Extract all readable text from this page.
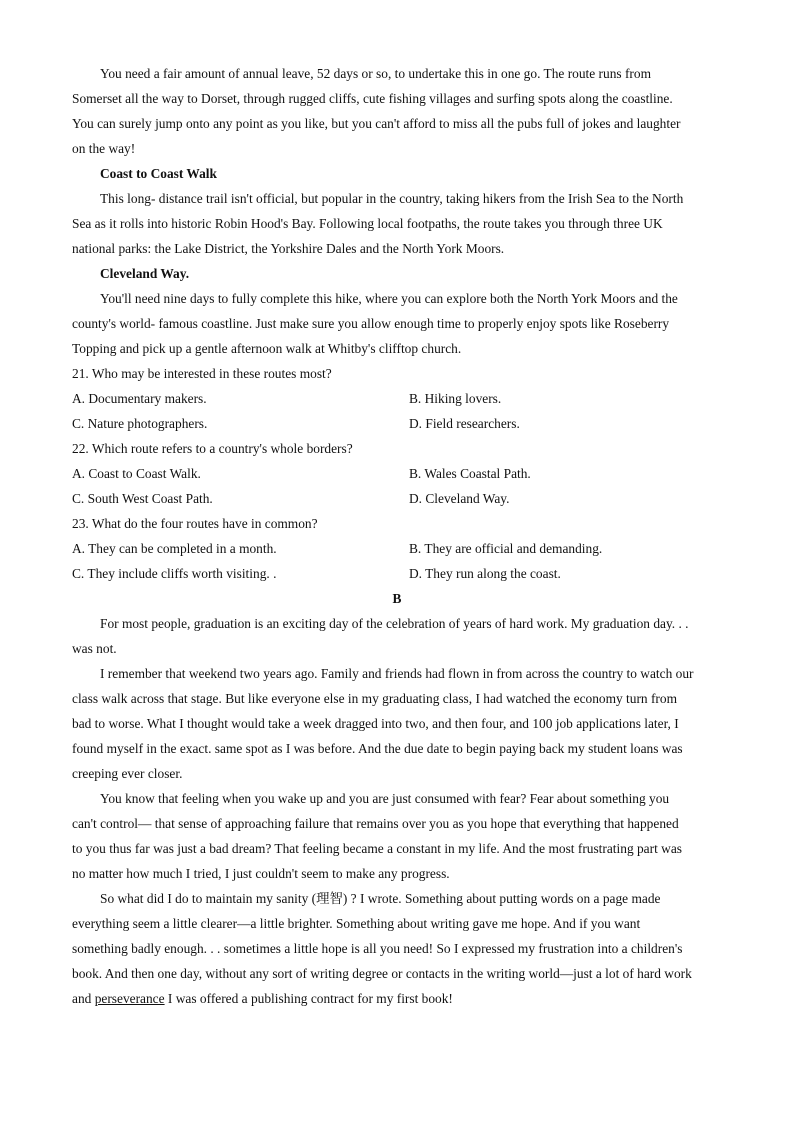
You need a fair amount of annual leave, 52 days or so, to undertake this in one go. The route runs from
Somerset all the way to Dorset, through rugged cliffs, cute fishing villages and surfing spots along the coastline.
You can surely jump onto any point as you like, but you can't afford to miss all the pubs full of jokes and laughter
on the way!
Coast to Coast Walk
This long- distance trail isn't official, but popular in the country, taking hikers from the Irish Sea to the North
Sea as it rolls into historic Robin Hood's Bay. Following local footpaths, the route takes you through three UK
national parks: the Lake District, the Yorkshire Dales and the North York Moors.
Cleveland Way.
You'll need nine days to fully complete this hike, where you can explore both the North York Moors and the
county's world- famous coastline. Just make sure you allow enough time to properly enjoy spots like Roseberry
Topping and pick up a gentle afternoon walk at Whitby's clifftop church.
21. Who may be interested in these routes most?
A. Documentary makers.	B. Hiking lovers.
C. Nature photographers.	D. Field researchers.
22. Which route refers to a country's whole borders?
A. Coast to Coast Walk.	B. Wales Coastal Path.
C. South West Coast Path.	D. Cleveland Way.
23. What do the four routes have in common?
A. They can be completed in a month.	B. They are official and demanding.
C. They include cliffs worth visiting. .	D. They run along the coast.
B
For most people, graduation is an exciting day of the celebration of years of hard work. My graduation day. . .
was not.
I remember that weekend two years ago. Family and friends had flown in from across the country to watch our
class walk across that stage. But like everyone else in my graduating class, I had watched the economy turn from
bad to worse. What I thought would take a week dragged into two, and then four, and 100 job applications later, I
found myself in the exact. same spot as I was before. And the due date to begin paying back my student loans was
creeping ever closer.
You know that feeling when you wake up and you are just consumed with fear? Fear about something you
can't control— that sense of approaching failure that remains over you as you hope that everything that happened
to you thus far was just a bad dream? That feeling became a constant in my life. And the most frustrating part was
no matter how much I tried, I just couldn't seem to make any progress.
So what did I do to maintain my sanity (理智) ? I wrote. Something about putting words on a page made
everything seem a little clearer—a little brighter. Something about writing gave me hope. And if you want
something badly enough. . . sometimes a little hope is all you need! So I expressed my frustration into a children's
book. And then one day, without any sort of writing degree or contacts in the writing world—just a lot of hard work
and perseverance I was offered a publishing contract for my first book!
